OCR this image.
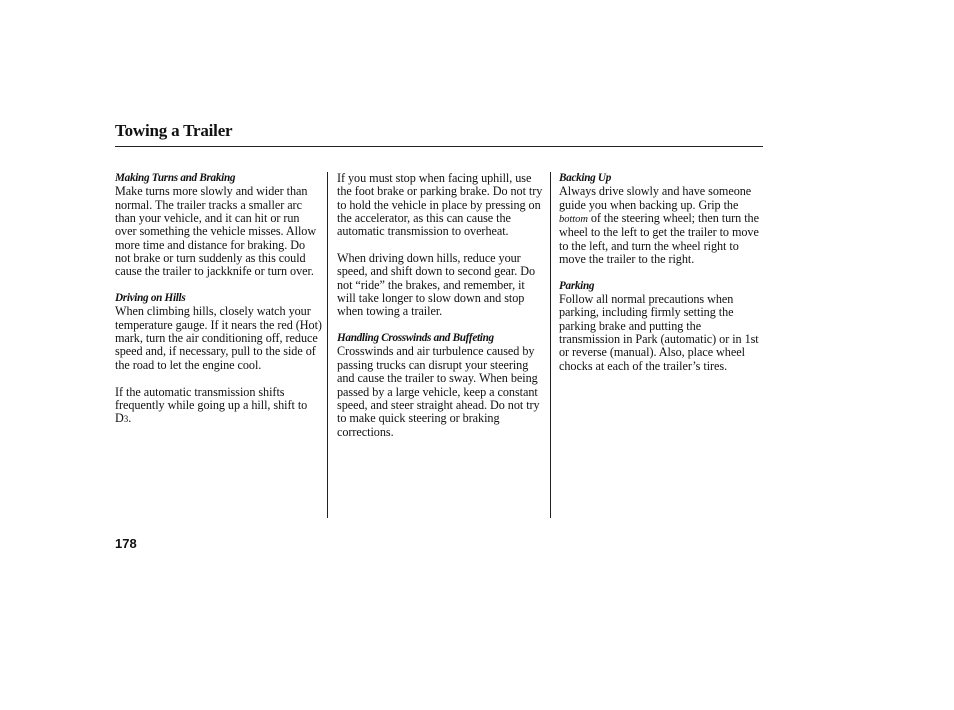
Towing a Trailer

Making Turns and Braking

Make turns more slowly and wider than normal. The trailer tracks a smaller arc than your vehicle, and it can hit or run over something the vehicle misses. Allow more time and distance for braking. Do not brake or turn suddenly as this could cause the trailer to jackknife or turn over.

Driving on Hills

When climbing hills, closely watch your temperature gauge. If it nears the red (Hot) mark, turn the air conditioning off, reduce speed and, if necessary, pull to the side of the road to let the engine cool.

If the automatic transmission shifts frequently while going up a hill, shift to D3.

If you must stop when facing uphill, use the foot brake or parking brake. Do not try to hold the vehicle in place by pressing on the accelerator, as this can cause the automatic transmission to overheat.

When driving down hills, reduce your speed, and shift down to second gear. Do not “ride” the brakes, and remember, it will take longer to slow down and stop when towing a trailer.

Handling Crosswinds and Buffeting

Crosswinds and air turbulence caused by passing trucks can disrupt your steering and cause the trailer to sway. When being passed by a large vehicle, keep a constant speed, and steer straight ahead. Do not try to make quick steering or braking corrections.

Backing Up

Always drive slowly and have someone guide you when backing up. Grip the bottom of the steering wheel; then turn the wheel to the left to get the trailer to move to the left, and turn the wheel right to move the trailer to the right.

Parking

Follow all normal precautions when parking, including firmly setting the parking brake and putting the transmission in Park (automatic) or in 1st or reverse (manual). Also, place wheel chocks at each of the trailer’s tires.

178
